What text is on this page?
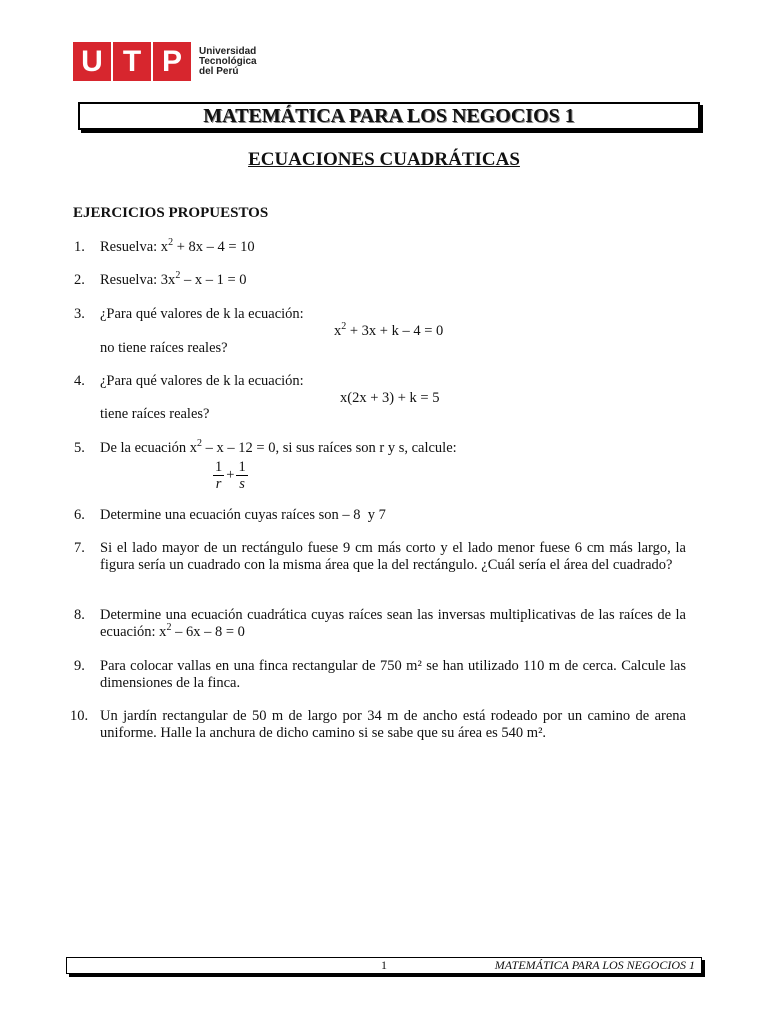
U T P	Universidad
Tecnológica
del Perú
MATEMÁTICA PARA LOS NEGOCIOS 1
ECUACIONES CUADRÁTICAS
EJERCICIOS PROPUESTOS
1.	Resuelva: $x^2 + 8x - 4 = 10$
2.	Resuelva: $3x^2 - x - 1 = 0$
3.	¿Para qué valores de k la ecuación:
$x^2 + 3x + k - 4 = 0$
no tiene raíces reales?
4.	¿Para qué valores de k la ecuación:
x(2x + 3) + k = 5
tiene raíces reales?
5.	De la ecuación $x^2 - x - 12 = 0$, si sus raíces son r y s, calcule:
$\frac{1}{r} + \frac{1}{s}$
6.	Determine una ecuación cuyas raíces son – 8  y 7
7.	Si el lado mayor de un rectángulo fuese 9 cm más corto y el lado menor fuese 6 cm más largo, la figura sería un cuadrado con la misma área que la del rectángulo. ¿Cuál sería el área del cuadrado?
8.	Determine una ecuación cuadrática cuyas raíces sean las inversas multiplicativas de las raíces de la ecuación: $x^2 - 6x - 8 = 0$
9.	Para colocar vallas en una finca rectangular de 750 m² se han utilizado 110 m de cerca. Calcule las dimensiones de la finca.
10. Un jardín rectangular de 50 m de largo por 34 m de ancho está rodeado por un camino de arena uniforme. Halle la anchura de dicho camino si se sabe que su área es 540 m².
1	MATEMÁTICA PARA LOS NEGOCIOS 1
